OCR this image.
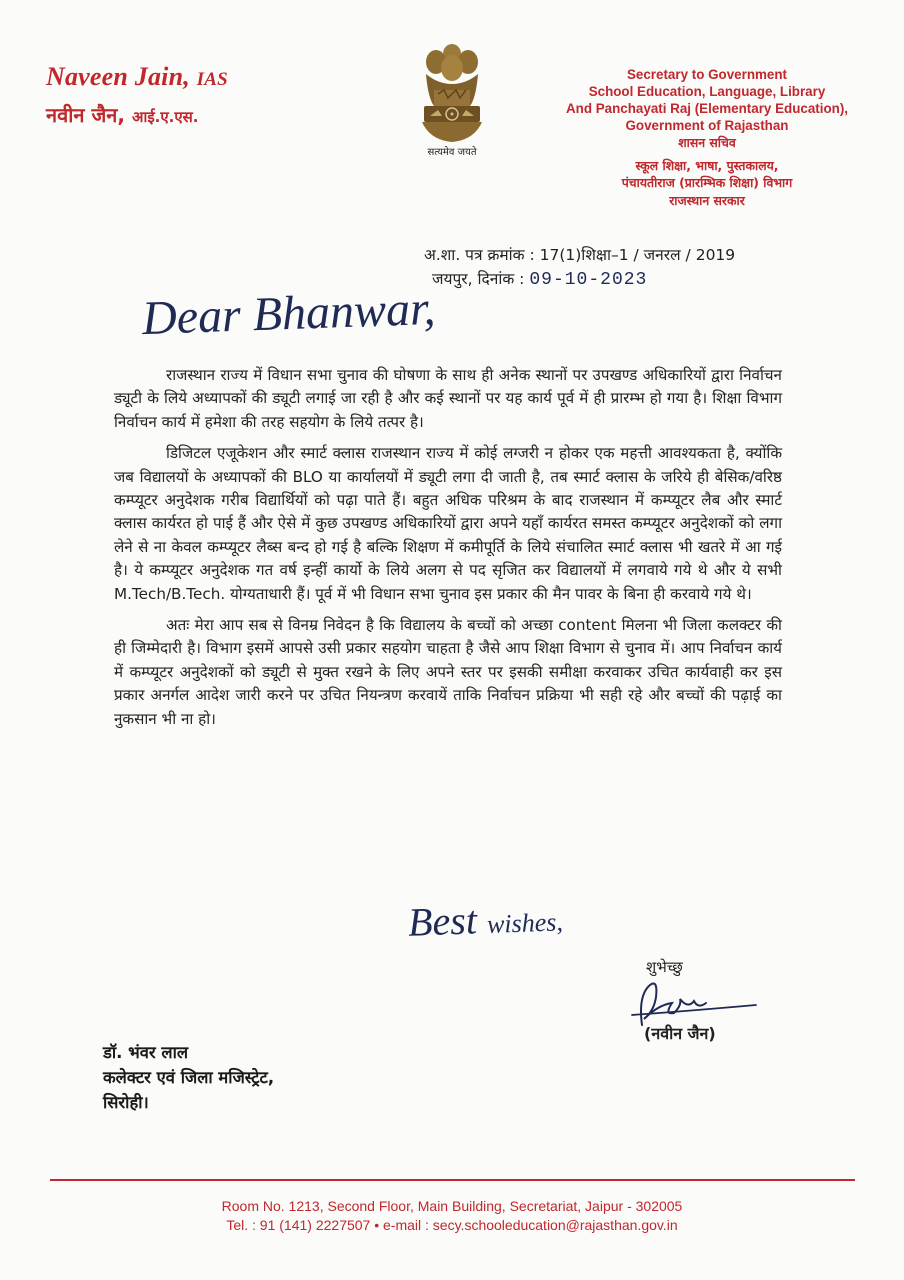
Naveen Jain, IAS
नवीन जैन, आई.ए.एस.
सत्यमेव जयते
Secretary to Government
School Education, Language, Library
And Panchayati Raj (Elementary Education),
Government of Rajasthan
शासन सचिव
स्कूल शिक्षा, भाषा, पुस्तकालय,
पंचायतीराज (प्रारम्भिक शिक्षा) विभाग
राजस्थान सरकार
अ.शा. पत्र क्रमांक : 17(1)शिक्षा–1 / जनरल / 2019
जयपुर, दिनांक : 09-10-2023
Dear Bhanwar,

राजस्थान राज्य में विधान सभा चुनाव की घोषणा के साथ ही अनेक स्थानों पर उपखण्ड अधिकारियों द्वारा निर्वाचन ड्यूटी के लिये अध्यापकों की ड्यूटी लगाई जा रही है और कई स्थानों पर यह कार्य पूर्व में ही प्रारम्भ हो गया है। शिक्षा विभाग निर्वाचन कार्य में हमेशा की तरह सहयोग के लिये तत्पर है।

डिजिटल एजूकेशन और स्मार्ट क्लास राजस्थान राज्य में कोई लग्जरी न होकर एक महत्ती आवश्यकता है, क्योंकि जब विद्यालयों के अध्यापकों की BLO या कार्यालयों में ड्यूटी लगा दी जाती है, तब स्मार्ट क्लास के जरिये ही बेसिक/वरिष्ठ कम्प्यूटर अनुदेशक गरीब विद्यार्थियों को पढ़ा पाते हैं। बहुत अधिक परिश्रम के बाद राजस्थान में कम्प्यूटर लैब और स्मार्ट क्लास कार्यरत हो पाई हैं और ऐसे में कुछ उपखण्ड अधिकारियों द्वारा अपने यहाँ कार्यरत समस्त कम्प्यूटर अनुदेशकों को लगा लेने से ना केवल कम्प्यूटर लैब्स बन्द हो गई है बल्कि शिक्षण में कमीपूर्ति के लिये संचालित स्मार्ट क्लास भी खतरे में आ गई है। ये कम्प्यूटर अनुदेशक गत वर्ष इन्हीं कार्यो के लिये अलग से पद सृजित कर विद्यालयों में लगवाये गये थे और ये सभी M.Tech/B.Tech. योग्यताधारी हैं। पूर्व में भी विधान सभा चुनाव इस प्रकार की मैन पावर के बिना ही करवाये गये थे।

अतः मेरा आप सब से विनम्र निवेदन है कि विद्यालय के बच्चों को अच्छा content मिलना भी जिला कलक्टर की ही जिम्मेदारी है। विभाग इसमें आपसे उसी प्रकार सहयोग चाहता है जैसे आप शिक्षा विभाग से चुनाव में। आप निर्वाचन कार्य में कम्प्यूटर अनुदेशकों को ड्यूटी से मुक्त रखने के लिए अपने स्तर पर इसकी समीक्षा करवाकर उचित कार्यवाही कर इस प्रकार अनर्गल आदेश जारी करने पर उचित नियन्त्रण करवायें ताकि निर्वाचन प्रक्रिया भी सही रहे और बच्चों की पढ़ाई का नुकसान भी ना हो।

Best wishes,
शुभेच्छु
(नवीन जैन)
डॉ. भंवर लाल
कलेक्टर एवं जिला मजिस्ट्रेट,
सिरोही।
Room No. 1213, Second Floor, Main Building, Secretariat, Jaipur - 302005
Tel. : 91 (141) 2227507 • e-mail : secy.schooleducation@rajasthan.gov.in
